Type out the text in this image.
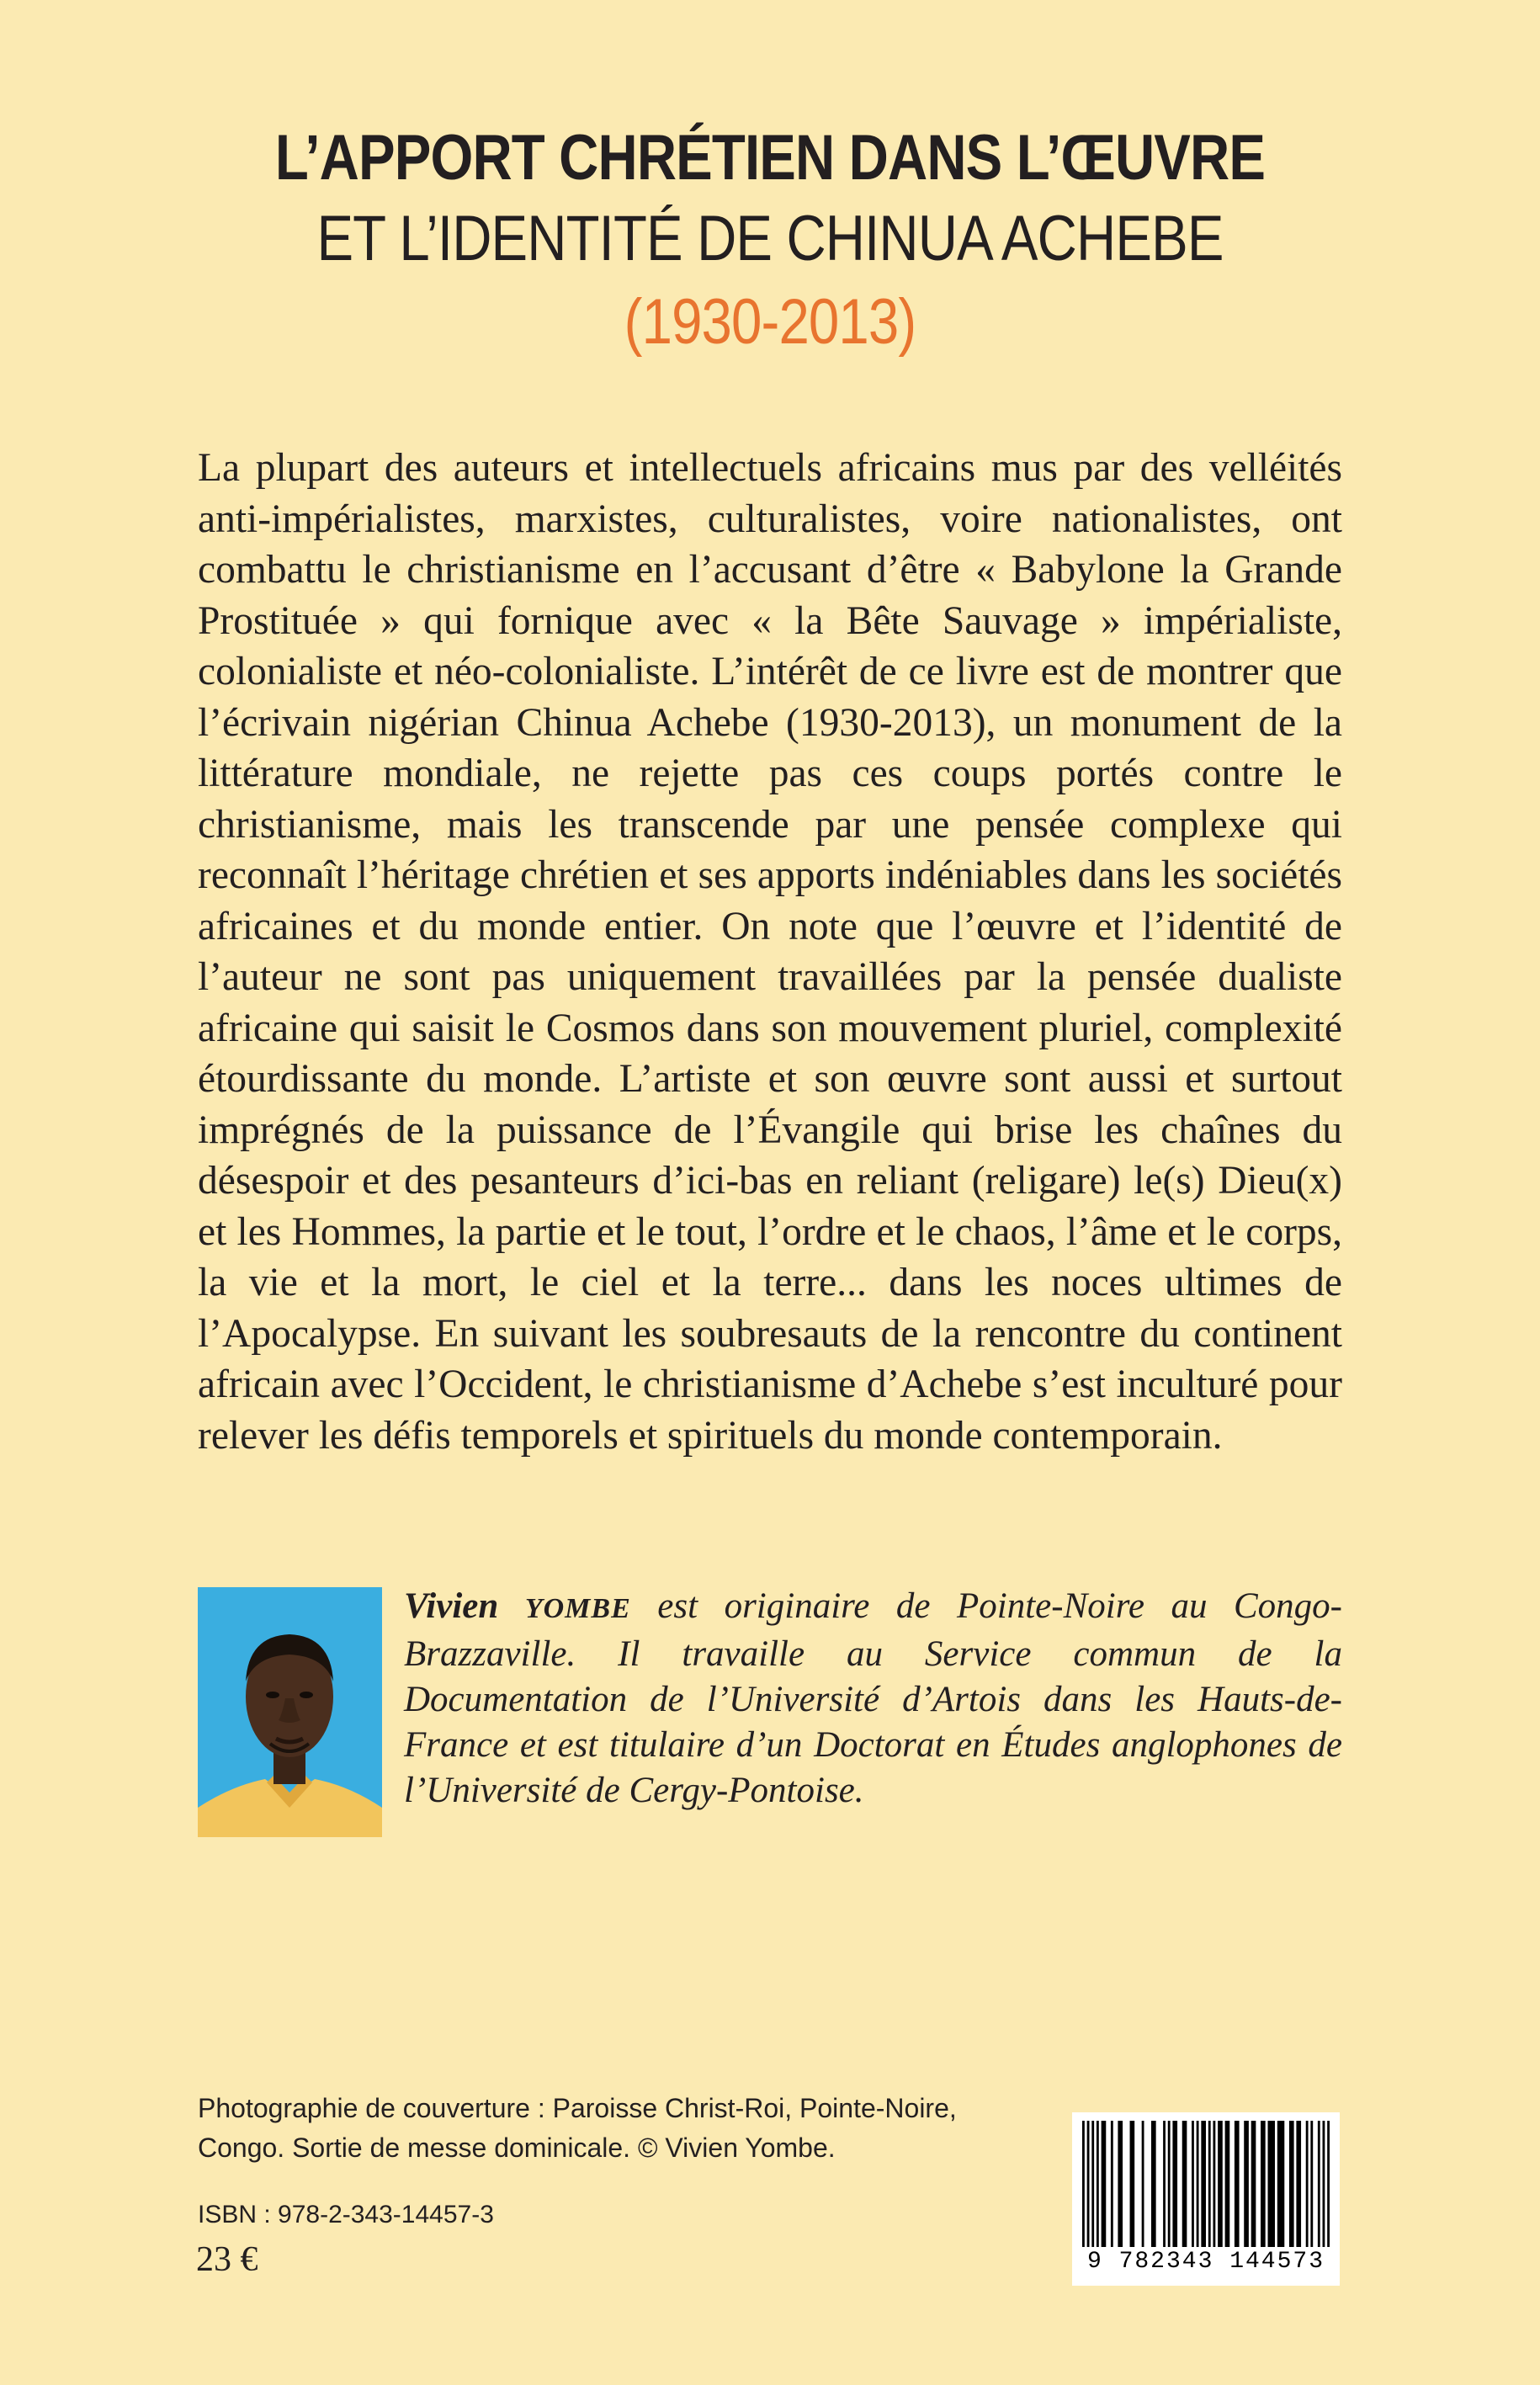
L’APPORT CHRÉTIEN DANS L’ŒUVRE
ET L’IDENTITÉ DE CHINUA ACHEBE
(1930-2013)

La plupart des auteurs et intellectuels africains mus par des velléités anti-impérialistes, marxistes, culturalistes, voire nationalistes, ont combattu le christianisme en l’accusant d’être « Babylone la Grande Prostituée » qui fornique avec « la Bête Sauvage » impérialiste, colonialiste et néo-colonialiste. L’intérêt de ce livre est de montrer que l’écrivain nigérian Chinua Achebe (1930-2013), un monument de la littérature mondiale, ne rejette pas ces coups portés contre le christianisme, mais les transcende par une pensée complexe qui reconnaît l’héritage chrétien et ses apports indéniables dans les sociétés africaines et du monde entier. On note que l’œuvre et l’identité de l’auteur ne sont pas uniquement travaillées par la pensée dualiste africaine qui saisit le Cosmos dans son mouvement pluriel, complexité étourdissante du monde. L’artiste et son œuvre sont aussi et surtout imprégnés de la puissance de l’Évangile qui brise les chaînes du désespoir et des pesanteurs d’ici-bas en reliant (religare) le(s) Dieu(x) et les Hommes, la partie et le tout, l’ordre et le chaos, l’âme et le corps, la vie et la mort, le ciel et la terre... dans les noces ultimes de l’Apocalypse. En suivant les soubresauts de la rencontre du continent africain avec l’Occident, le christianisme d’Achebe s’est inculturé pour relever les défis temporels et spirituels du monde contemporain.

Vivien YOMBE est originaire de Pointe-Noire au Congo-Brazzaville. Il travaille au Service commun de la Documentation de l’Université d’Artois dans les Hauts-de-France et est titulaire d’un Doctorat en Études anglophones de l’Université de Cergy-Pontoise.

Photographie de couverture : Paroisse Christ-Roi, Pointe-Noire, Congo. Sortie de messe dominicale. © Vivien Yombe.

ISBN : 978-2-343-14457-3
23 €	9 782343 144573
